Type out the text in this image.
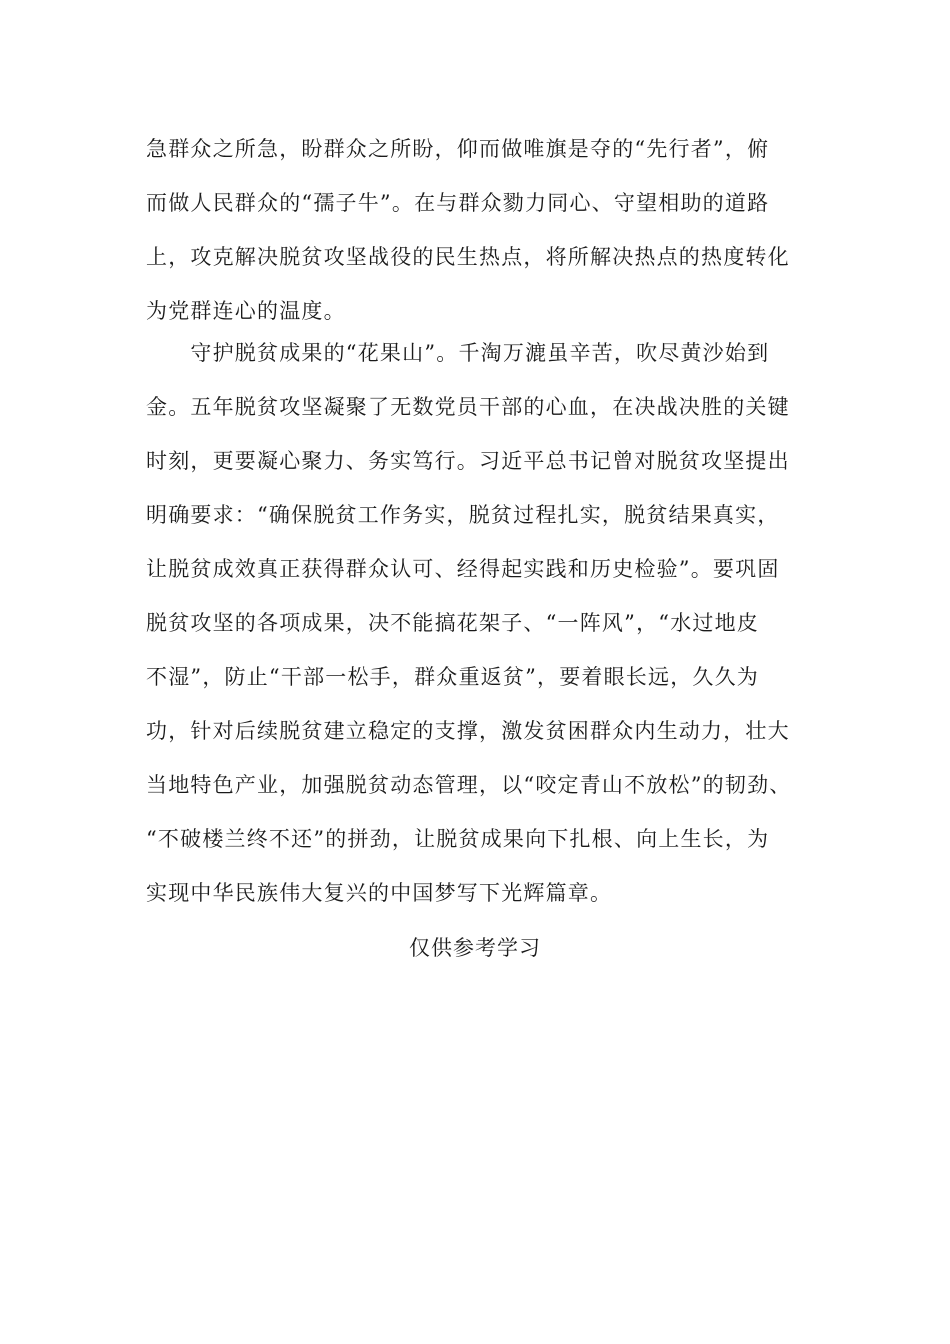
急群众之所急，盼群众之所盼，仰而做唯旗是夺的“先行者”，俯
而做人民群众的“孺子牛”。在与群众勠力同心、守望相助的道路
上，攻克解决脱贫攻坚战役的民生热点，将所解决热点的热度转化
为党群连心的温度。
　　守护脱贫成果的“花果山”。千淘万漉虽辛苦，吹尽黄沙始到
金。五年脱贫攻坚凝聚了无数党员干部的心血，在决战决胜的关键
时刻，更要凝心聚力、务实笃行。习近平总书记曾对脱贫攻坚提出
明确要求：“确保脱贫工作务实，脱贫过程扎实，脱贫结果真实，
让脱贫成效真正获得群众认可、经得起实践和历史检验”。要巩固
脱贫攻坚的各项成果，决不能搞花架子、“一阵风”，“水过地皮
不湿”，防止“干部一松手，群众重返贫”，要着眼长远，久久为
功，针对后续脱贫建立稳定的支撑，激发贫困群众内生动力，壮大
当地特色产业，加强脱贫动态管理，以“咬定青山不放松”的韧劲、
“不破楼兰终不还”的拼劲，让脱贫成果向下扎根、向上生长，为
实现中华民族伟大复兴的中国梦写下光辉篇章。
仅供参考学习
